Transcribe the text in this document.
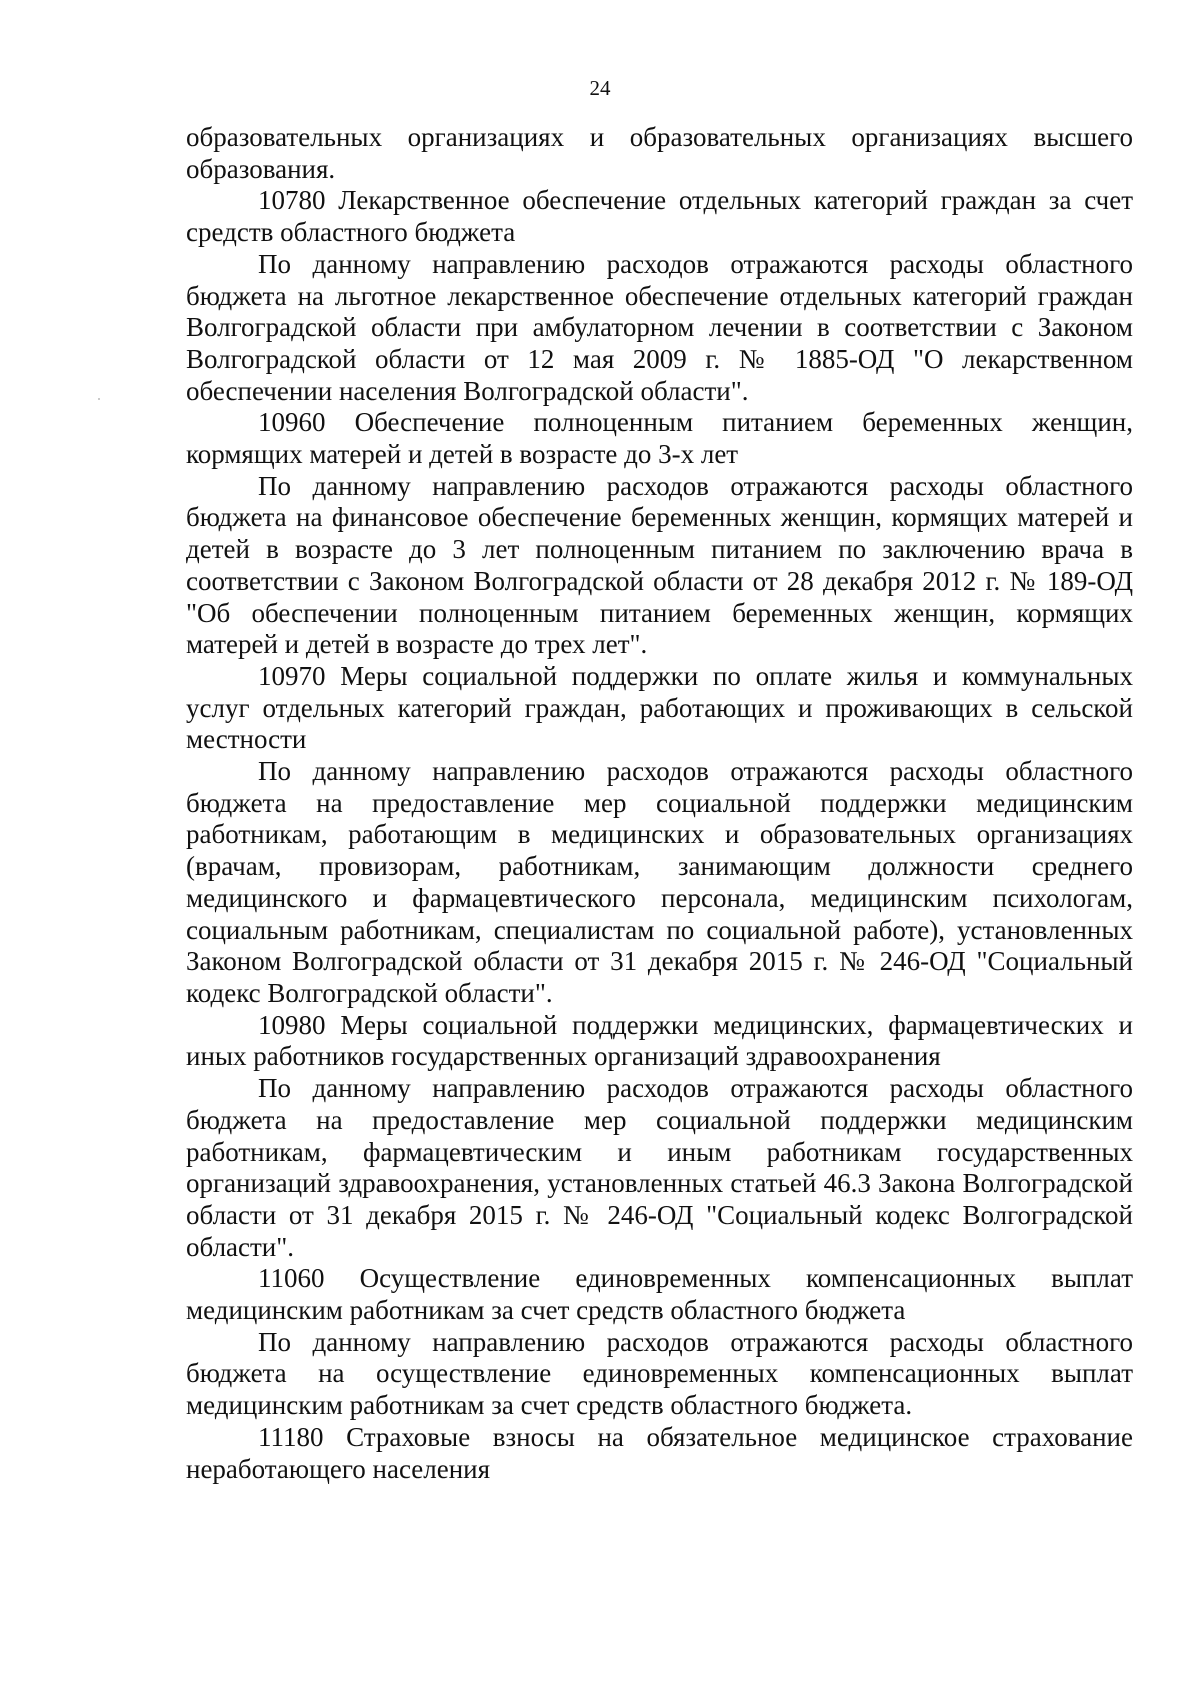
24

образовательных организациях и образовательных организациях высшего образования.

10780 Лекарственное обеспечение отдельных категорий граждан за счет средств областного бюджета

По данному направлению расходов отражаются расходы областного бюджета на льготное лекарственное обеспечение отдельных категорий граждан Волгоградской области при амбулаторном лечении в соответствии с Законом Волгоградской области от 12 мая 2009 г. № 1885-ОД "О лекарственном обеспечении населения Волгоградской области".

10960 Обеспечение полноценным питанием беременных женщин, кормящих матерей и детей в возрасте до 3-х лет

По данному направлению расходов отражаются расходы областного бюджета на финансовое обеспечение беременных женщин, кормящих матерей и детей в возрасте до 3 лет полноценным питанием по заключению врача в соответствии с Законом Волгоградской области от 28 декабря 2012 г. № 189-ОД "Об обеспечении полноценным питанием беременных женщин, кормящих матерей и детей в возрасте до трех лет".

10970 Меры социальной поддержки по оплате жилья и коммунальных услуг отдельных категорий граждан, работающих и проживающих в сельской местности

По данному направлению расходов отражаются расходы областного бюджета на предоставление мер социальной поддержки медицинским работникам, работающим в медицинских и образовательных организациях (врачам, провизорам, работникам, занимающим должности среднего медицинского и фармацевтического персонала, медицинским психологам, социальным работникам, специалистам по социальной работе), установленных Законом Волгоградской области от 31 декабря 2015 г. № 246-ОД "Социальный кодекс Волгоградской области".

10980 Меры социальной поддержки медицинских, фармацевтических и иных работников государственных организаций здравоохранения

По данному направлению расходов отражаются расходы областного бюджета на предоставление мер социальной поддержки медицинским работникам, фармацевтическим и иным работникам государственных организаций здравоохранения, установленных статьей 46.3 Закона Волгоградской области от 31 декабря 2015 г. № 246-ОД "Социальный кодекс Волгоградской области".

11060 Осуществление единовременных компенсационных выплат медицинским работникам за счет средств областного бюджета

По данному направлению расходов отражаются расходы областного бюджета на осуществление единовременных компенсационных выплат медицинским работникам за счет средств областного бюджета.

11180 Страховые взносы на обязательное медицинское страхование неработающего населения
